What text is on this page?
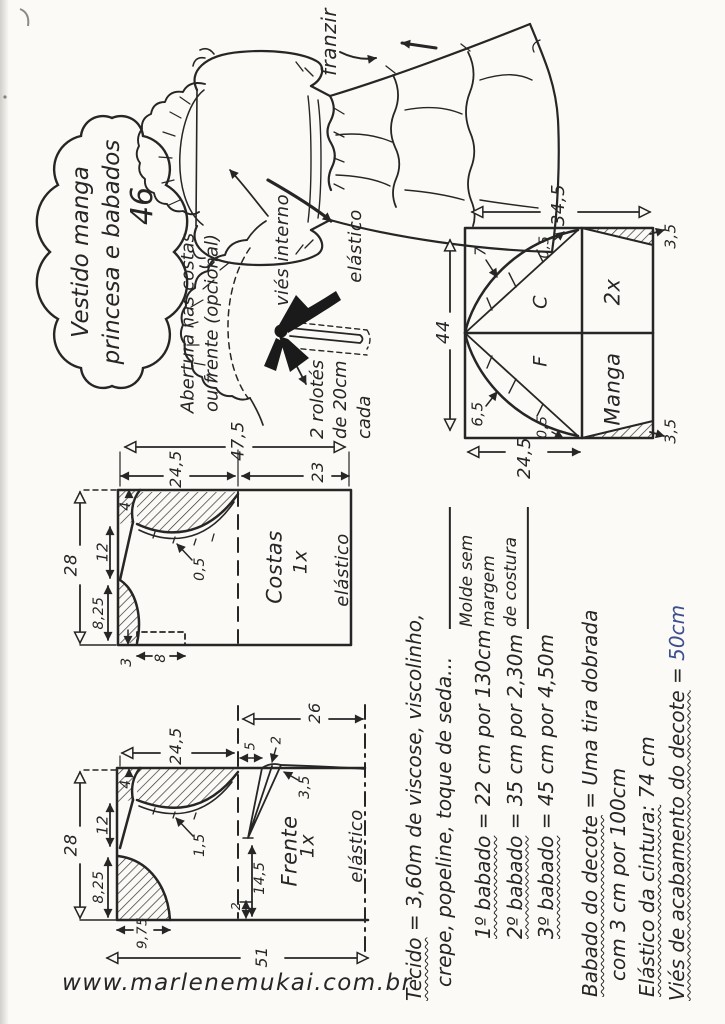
Vestido manga princesa e babados 46
franzir
viés interno	elástico
Abertura nas costas ou frente (opcional)	2 rolotés de 20cm cada
44
34,5
24,5
3,5
3,5
7	0,5
6,5
0,5
C
F Manga
2x
47,5
24,5	23
28
12
8,25
4
0,5
3 8
Costas 1x elástico
24,5	5
2
26
28
12
8,25
4
1,5
3,5
14,5
2
9,75
51
Frente
1x elástico
Molde sem margem de costura
Tecido = 3,60m de viscose, viscolinho, crepe, popeline, toque de seda... 1º babado = 22 cm por 130cm
2º babado = 35 cm por 2,30m
3º babado = 45 cm por 4,50m
Babado do decote = Uma tira dobrada
com 3 cm por 100cm Elástico da cintura: 74 cm Viés de acabamento do decote = 50cm
www.marlenemukai.com.br
